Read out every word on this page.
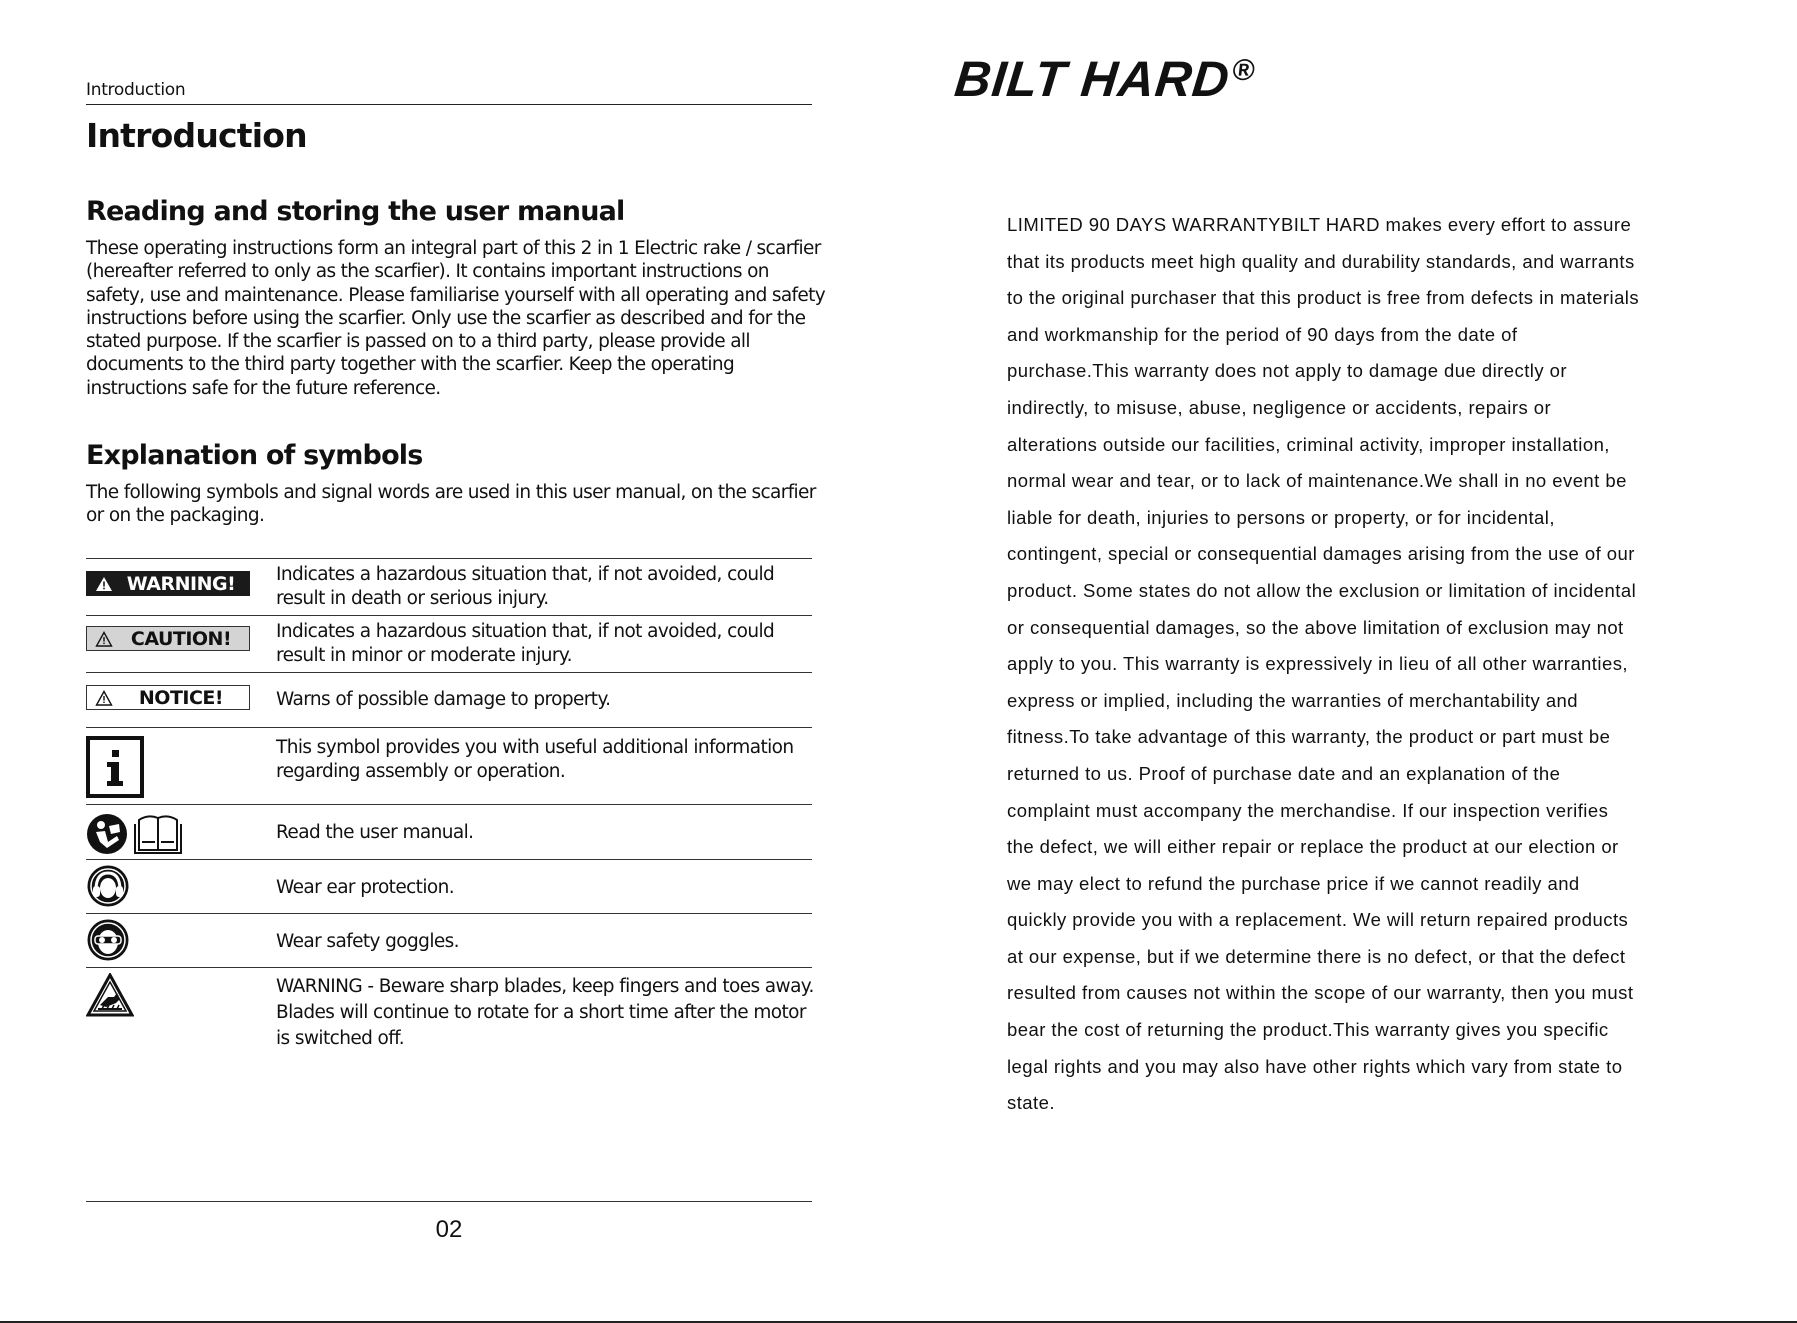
Introduction
Introduction
Reading and storing the user manual

These operating instructions form an integral part of this 2 in 1 Electric rake / scarfier (hereafter referred to only as the scarfier). It contains important instructions on safety, use and maintenance. Please familiarise yourself with all operating and safety instructions before using the scarfier. Only use the scarfier as described and for the stated purpose. If the scarfier is passed on to a third party, please provide all documents to the third party together with the scarfier. Keep the operating instructions safe for the future reference.

Explanation of symbols

The following symbols and signal words are used in this user manual, on the scarfier or on the packaging.

WARNING!	Indicates a hazardous situation that, if not avoided, could result in death or serious injury.
CAUTION!	Indicates a hazardous situation that, if not avoided, could result in minor or moderate injury.
NOTICE!	Warns of possible damage to property.
This symbol provides you with useful additional information regarding assembly or operation.
Read the user manual.
Wear ear protection.
Wear safety goggles.
WARNING - Beware sharp blades, keep fingers and toes away. Blades will continue to rotate for a short time after the motor is switched off.
02
BILT HARD®

LIMITED 90 DAYS WARRANTYBILT HARD makes every effort to assure
that its products meet high quality and durability standards, and warrants
to the original purchaser that this product is free from defects in materials
and workmanship for the period of 90 days from the date of
purchase.This warranty does not apply to damage due directly or
indirectly, to misuse, abuse, negligence or accidents, repairs or
alterations outside our facilities, criminal activity, improper installation,
normal wear and tear, or to lack of maintenance.We shall in no event be
liable for death, injuries to persons or property, or for incidental,
contingent, special or consequential damages arising from the use of our
product. Some states do not allow the exclusion or limitation of incidental
or consequential damages, so the above limitation of exclusion may not
apply to you. This warranty is expressively in lieu of all other warranties,
express or implied, including the warranties of merchantability and
fitness.To take advantage of this warranty, the product or part must be
returned to us. Proof of purchase date and an explanation of the
complaint must accompany the merchandise. If our inspection verifies
the defect, we will either repair or replace the product at our election or
we may elect to refund the purchase price if we cannot readily and
quickly provide you with a replacement. We will return repaired products
at our expense, but if we determine there is no defect, or that the defect
resulted from causes not within the scope of our warranty, then you must
bear the cost of returning the product.This warranty gives you specific
legal rights and you may also have other rights which vary from state to
state.
